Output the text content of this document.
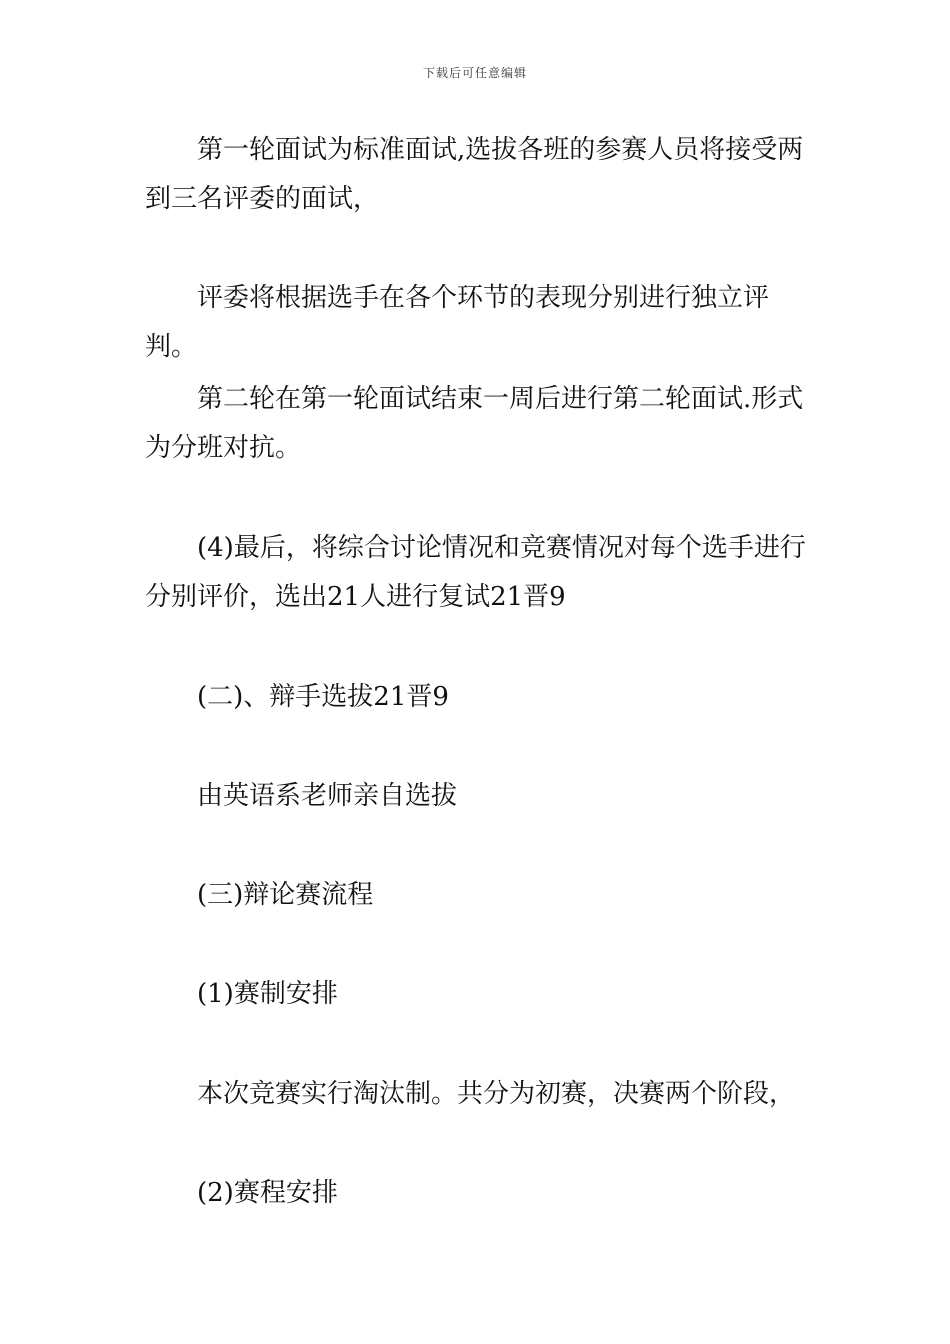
下载后可任意编辑

第一轮面试为标准面试,选拔各班的参赛人员将接受两到三名评委的面试，

评委将根据选手在各个环节的表现分别进行独立评判。

第二轮在第一轮面试结束一周后进行第二轮面试.形式为分班对抗。

(4)最后，将综合讨论情况和竞赛情况对每个选手进行分别评价，选出21人进行复试21晋9

(二)、辩手选拔21晋9

由英语系老师亲自选拔

(三)辩论赛流程

(1)赛制安排

本次竞赛实行淘汰制。共分为初赛，决赛两个阶段，

(2)赛程安排
